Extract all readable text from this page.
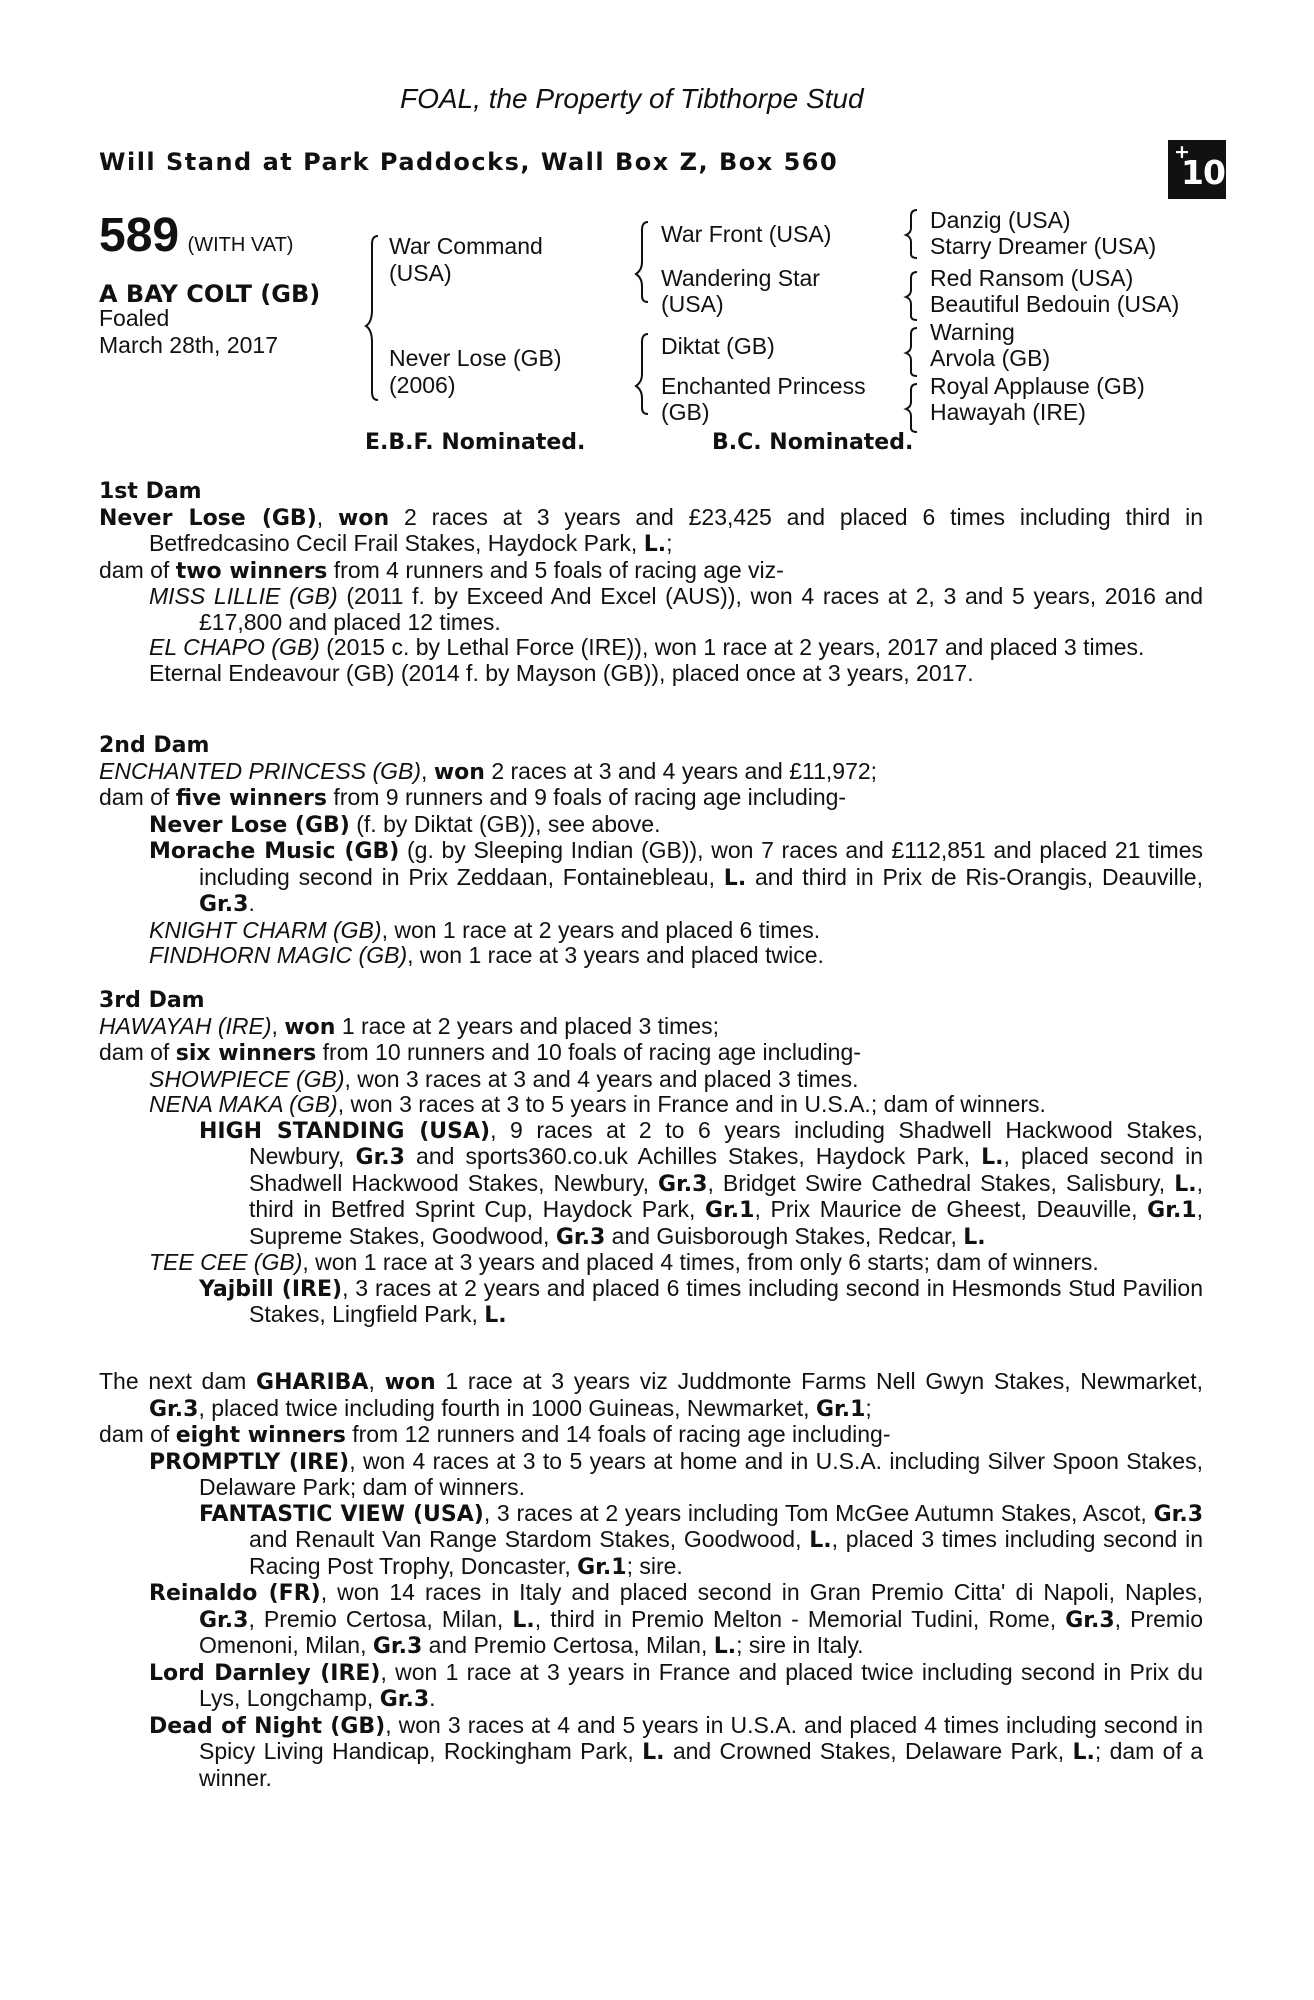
FOAL, the Property of Tibthorpe Stud
Will Stand at Park Paddocks, Wall Box Z, Box 560	+
10
589 (WITH VAT)
A BAY COLT (GB)
Foaled
March 28th, 2017
War Command
(USA)
Never Lose (GB)
(2006)
War Front (USA)
Wandering Star
(USA)
Diktat (GB)
Enchanted Princess
(GB)
Danzig (USA)
Starry Dreamer (USA)
Red Ransom (USA)
Beautiful Bedouin (USA)
Warning
Arvola (GB)
Royal Applause (GB)
Hawayah (IRE)
E.B.F. Nominated.	B.C. Nominated.

1st Dam

Never Lose (GB), won 2 races at 3 years and £23,425 and placed 6 times including third in Betfredcasino Cecil Frail Stakes, Haydock Park, L.;

dam of two winners from 4 runners and 5 foals of racing age viz-

MISS LILLIE (GB) (2011 f. by Exceed And Excel (AUS)), won 4 races at 2, 3 and 5 years, 2016 and £17,800 and placed 12 times.

EL CHAPO (GB) (2015 c. by Lethal Force (IRE)), won 1 race at 2 years, 2017 and placed 3 times.

Eternal Endeavour (GB) (2014 f. by Mayson (GB)), placed once at 3 years, 2017.

2nd Dam

ENCHANTED PRINCESS (GB), won 2 races at 3 and 4 years and £11,972;

dam of five winners from 9 runners and 9 foals of racing age including-

Never Lose (GB) (f. by Diktat (GB)), see above.

Morache Music (GB) (g. by Sleeping Indian (GB)), won 7 races and £112,851 and placed 21 times including second in Prix Zeddaan, Fontainebleau, L. and third in Prix de Ris-Orangis, Deauville, Gr.3.

KNIGHT CHARM (GB), won 1 race at 2 years and placed 6 times.

FINDHORN MAGIC (GB), won 1 race at 3 years and placed twice.

3rd Dam

HAWAYAH (IRE), won 1 race at 2 years and placed 3 times;

dam of six winners from 10 runners and 10 foals of racing age including-

SHOWPIECE (GB), won 3 races at 3 and 4 years and placed 3 times.

NENA MAKA (GB), won 3 races at 3 to 5 years in France and in U.S.A.; dam of winners.

HIGH STANDING (USA), 9 races at 2 to 6 years including Shadwell Hackwood Stakes, Newbury, Gr.3 and sports360.co.uk Achilles Stakes, Haydock Park, L., placed second in Shadwell Hackwood Stakes, Newbury, Gr.3, Bridget Swire Cathedral Stakes, Salisbury, L., third in Betfred Sprint Cup, Haydock Park, Gr.1, Prix Maurice de Gheest, Deauville, Gr.1, Supreme Stakes, Goodwood, Gr.3 and Guisborough Stakes, Redcar, L.

TEE CEE (GB), won 1 race at 3 years and placed 4 times, from only 6 starts; dam of winners.

Yajbill (IRE), 3 races at 2 years and placed 6 times including second in Hesmonds Stud Pavilion Stakes, Lingfield Park, L.

The next dam GHARIBA, won 1 race at 3 years viz Juddmonte Farms Nell Gwyn Stakes, Newmarket, Gr.3, placed twice including fourth in 1000 Guineas, Newmarket, Gr.1;

dam of eight winners from 12 runners and 14 foals of racing age including-

PROMPTLY (IRE), won 4 races at 3 to 5 years at home and in U.S.A. including Silver Spoon Stakes, Delaware Park; dam of winners.

FANTASTIC VIEW (USA), 3 races at 2 years including Tom McGee Autumn Stakes, Ascot, Gr.3 and Renault Van Range Stardom Stakes, Goodwood, L., placed 3 times including second in Racing Post Trophy, Doncaster, Gr.1; sire.

Reinaldo (FR), won 14 races in Italy and placed second in Gran Premio Citta' di Napoli, Naples, Gr.3, Premio Certosa, Milan, L., third in Premio Melton - Memorial Tudini, Rome, Gr.3, Premio Omenoni, Milan, Gr.3 and Premio Certosa, Milan, L.; sire in Italy.

Lord Darnley (IRE), won 1 race at 3 years in France and placed twice including second in Prix du Lys, Longchamp, Gr.3.

Dead of Night (GB), won 3 races at 4 and 5 years in U.S.A. and placed 4 times including second in Spicy Living Handicap, Rockingham Park, L. and Crowned Stakes, Delaware Park, L.; dam of a winner.
